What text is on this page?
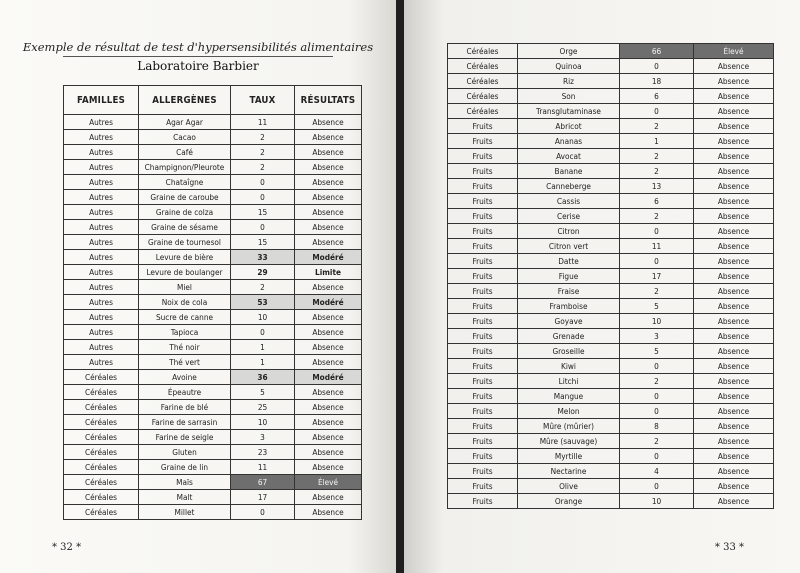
Exemple de résultat de test d'hypersensibilités alimentaires
Laboratoire Barbier
FAMILLES	ALLERGÈNES	TAUX	RÉSULTATS
Autres	Agar Agar	11	Absence
Autres	Cacao	2	Absence
Autres	Café	2	Absence
Autres	Champignon/Pleurote	2	Absence
Autres	Chataîgne	0	Absence
Autres	Graine de caroube	0	Absence
Autres	Graine de colza	15	Absence
Autres	Graine de sésame	0	Absence
Autres	Graine de tournesol	15	Absence
Autres	Levure de bière	33	Modéré
Autres	Levure de boulanger	29	Limite
Autres	Miel	2	Absence
Autres	Noix de cola	53	Modéré
Autres	Sucre de canne	10	Absence
Autres	Tapioca	0	Absence
Autres	Thé noir	1	Absence
Autres	Thé vert	1	Absence
Céréales	Avoine	36	Modéré
Céréales	Épeautre	5	Absence
Céréales	Farine de blé	25	Absence
Céréales	Farine de sarrasin	10	Absence
Céréales	Farine de seigle	3	Absence
Céréales	Gluten	23	Absence
Céréales	Graine de lin	11	Absence
Céréales	Maïs	67	Élevé
Céréales	Malt	17	Absence
Céréales	Millet	0	Absence
* 32 *
Céréales	Orge	66	Élevé
Céréales	Quinoa	0	Absence
Céréales	Riz	18	Absence
Céréales	Son	6	Absence
Céréales	Transglutaminase	0	Absence
Fruits	Abricot	2	Absence
Fruits	Ananas	1	Absence
Fruits	Avocat	2	Absence
Fruits	Banane	2	Absence
Fruits	Canneberge	13	Absence
Fruits	Cassis	6	Absence
Fruits	Cerise	2	Absence
Fruits	Citron	0	Absence
Fruits	Citron vert	11	Absence
Fruits	Datte	0	Absence
Fruits	Figue	17	Absence
Fruits	Fraise	2	Absence
Fruits	Framboise	5	Absence
Fruits	Goyave	10	Absence
Fruits	Grenade	3	Absence
Fruits	Groseille	5	Absence
Fruits	Kiwi	0	Absence
Fruits	Litchi	2	Absence
Fruits	Mangue	0	Absence
Fruits	Melon	0	Absence
Fruits	Mûre (mûrier)	8	Absence
Fruits	Mûre (sauvage)	2	Absence
Fruits	Myrtille	0	Absence
Fruits	Nectarine	4	Absence
Fruits	Olive	0	Absence
Fruits	Orange	10	Absence
* 33 *
